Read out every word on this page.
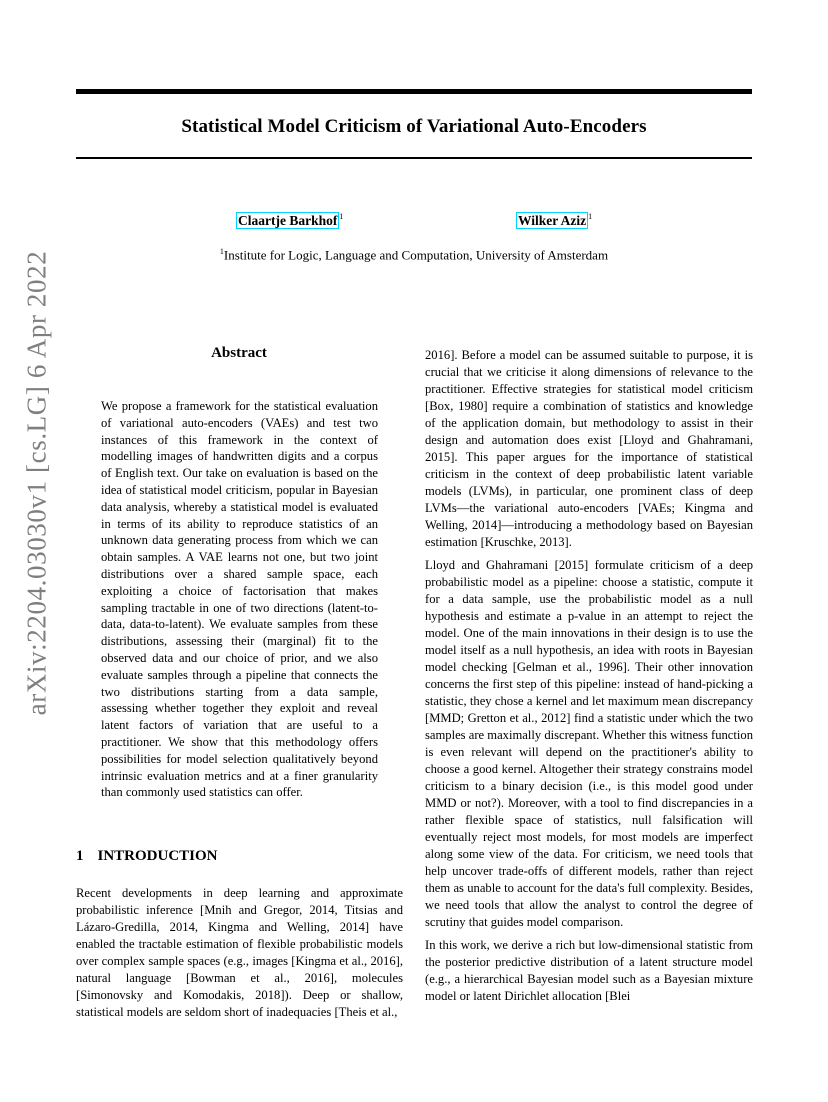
Statistical Model Criticism of Variational Auto-Encoders
Claartje Barkhof $^1$	Wilker Aziz $^1$
$^1$Institute for Logic, Language and Computation, University of Amsterdam
arXiv:2204.03030v1 [cs.LG] 6 Apr 2022	Abstract
We propose a framework for the statistical evaluation of variational auto-encoders (VAEs) and test two instances of this framework in the context of modelling images of handwritten digits and a corpus of English text. Our take on evaluation is based on the idea of statistical model criticism, popular in Bayesian data analysis, whereby a statistical model is evaluated in terms of its ability to reproduce statistics of an unknown data generating process from which we can obtain samples. A VAE learns not one, but two joint distributions over a shared sample space, each exploiting a choice of factorisation that makes sampling tractable in one of two directions (latent-to-data, data-to-latent). We evaluate samples from these distributions, assessing their (marginal) fit to the observed data and our choice of prior, and we also evaluate samples through a pipeline that connects the two distributions starting from a data sample, assessing whether together they exploit and reveal latent factors of variation that are useful to a practitioner. We show that this methodology offers possibilities for model selection qualitatively beyond intrinsic evaluation metrics and at a finer granularity than commonly used statistics can offer.
1 INTRODUCTION

Recent developments in deep learning and approximate probabilistic inference [Mnih and Gregor, 2014, Titsias and Lázaro-Gredilla, 2014, Kingma and Welling, 2014] have enabled the tractable estimation of flexible probabilistic models over complex sample spaces (e.g., images [Kingma et al., 2016], natural language [Bowman et al., 2016], molecules [Simonovsky and Komodakis, 2018]). Deep or shallow, statistical models are seldom short of inadequacies [Theis et al.,

2016]. Before a model can be assumed suitable to purpose, it is crucial that we criticise it along dimensions of relevance to the practitioner. Effective strategies for statistical model criticism [Box, 1980] require a combination of statistics and knowledge of the application domain, but methodology to assist in their design and automation does exist [Lloyd and Ghahramani, 2015]. This paper argues for the importance of statistical criticism in the context of deep probabilistic latent variable models (LVMs), in particular, one prominent class of deep LVMs—the variational auto-encoders [VAEs; Kingma and Welling, 2014]—introducing a methodology based on Bayesian estimation [Kruschke, 2013].

Lloyd and Ghahramani [2015] formulate criticism of a deep probabilistic model as a pipeline: choose a statistic, compute it for a data sample, use the probabilistic model as a null hypothesis and estimate a p-value in an attempt to reject the model. One of the main innovations in their design is to use the model itself as a null hypothesis, an idea with roots in Bayesian model checking [Gelman et al., 1996]. Their other innovation concerns the first step of this pipeline: instead of hand-picking a statistic, they chose a kernel and let maximum mean discrepancy [MMD; Gretton et al., 2012] find a statistic under which the two samples are maximally discrepant. Whether this witness function is even relevant will depend on the practitioner's ability to choose a good kernel. Altogether their strategy constrains model criticism to a binary decision (i.e., is this model good under MMD or not?). Moreover, with a tool to find discrepancies in a rather flexible space of statistics, null falsification will eventually reject most models, for most models are imperfect along some view of the data. For criticism, we need tools that help uncover trade-offs of different models, rather than reject them as unable to account for the data's full complexity. Besides, we need tools that allow the analyst to control the degree of scrutiny that guides model comparison.

In this work, we derive a rich but low-dimensional statistic from the posterior predictive distribution of a latent structure model (e.g., a hierarchical Bayesian model such as a Bayesian mixture model or latent Dirichlet allocation [Blei
